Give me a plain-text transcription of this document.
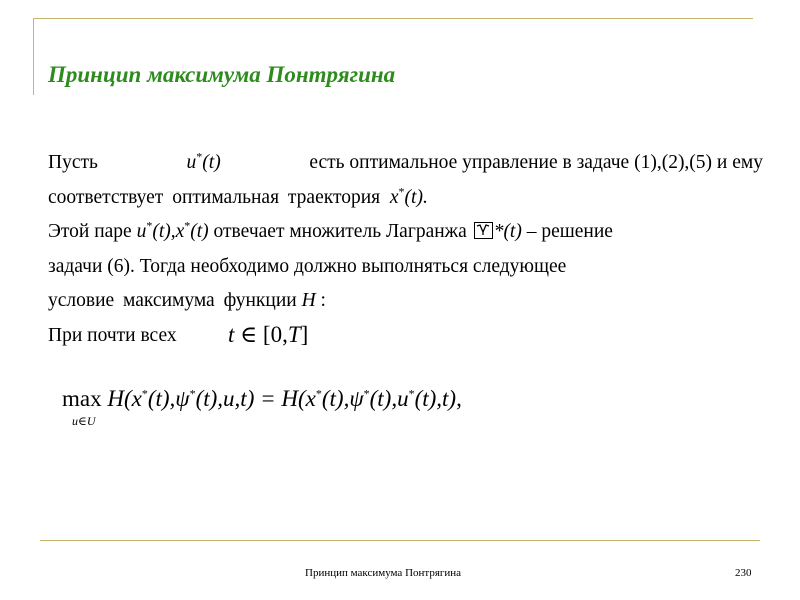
Принцип максимума Понтрягина
Пусть	u*(t)	есть оптимальное управление в задаче (1),(2),(5) и ему
соответствует оптимальная траектория x*(t).
Этой паре u*(t),x*(t) отвечает множитель Лагранжа *(t) – решение
задачи (6). Тогда необходимо должно выполняться следующее
условие максимума функции H :
При почти всех	t ∈ [0,T]
max
u∈U
H(x*(t),ψ*(t),u,t) = H(x*(t),ψ*(t),u*(t),t),
Принцип максимума Понтрягина	230
